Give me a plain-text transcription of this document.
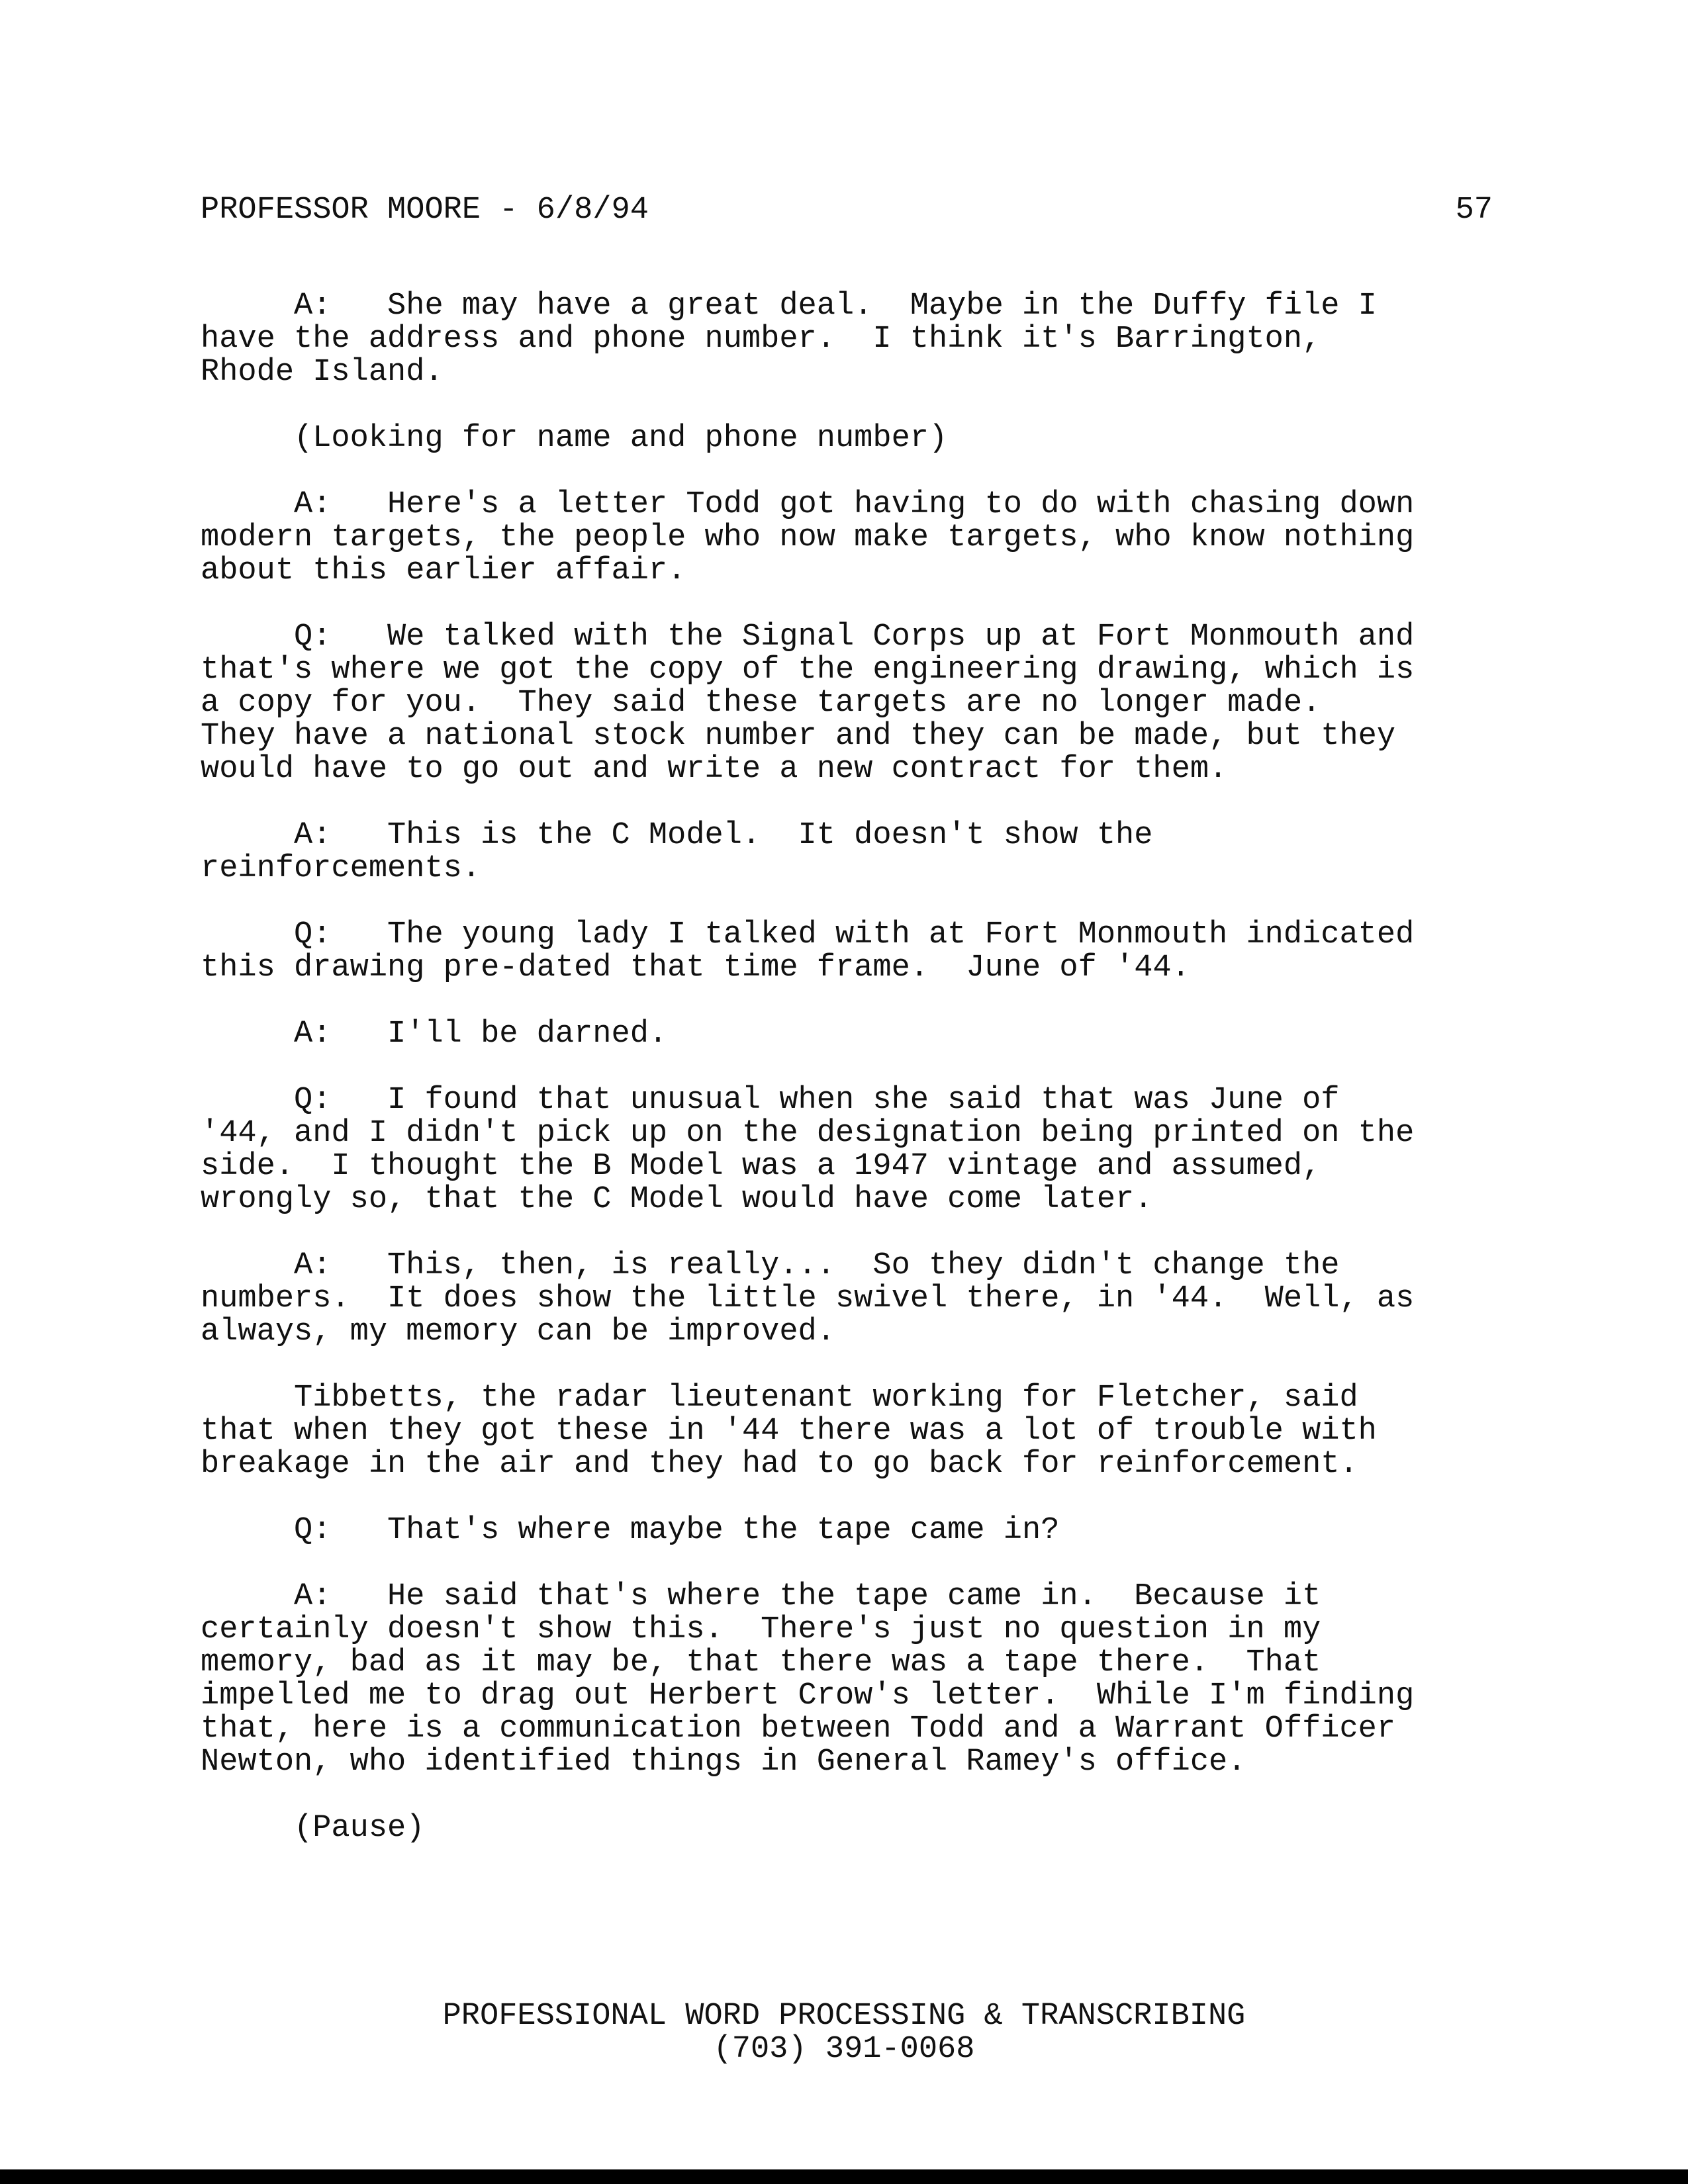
PROFESSOR MOORE - 6/8/94	57

A:   She may have a great deal.  Maybe in the Duffy file I
have the address and phone number.  I think it's Barrington,
Rhode Island.

(Looking for name and phone number)

A:   Here's a letter Todd got having to do with chasing down
modern targets, the people who now make targets, who know nothing
about this earlier affair.

Q:   We talked with the Signal Corps up at Fort Monmouth and
that's where we got the copy of the engineering drawing, which is
a copy for you.  They said these targets are no longer made.
They have a national stock number and they can be made, but they
would have to go out and write a new contract for them.

A:   This is the C Model.  It doesn't show the
reinforcements.

Q:   The young lady I talked with at Fort Monmouth indicated
this drawing pre-dated that time frame.  June of '44.

A:   I'll be darned.

Q:   I found that unusual when she said that was June of
'44, and I didn't pick up on the designation being printed on the
side.  I thought the B Model was a 1947 vintage and assumed,
wrongly so, that the C Model would have come later.

A:   This, then, is really...  So they didn't change the
numbers.  It does show the little swivel there, in '44.  Well, as
always, my memory can be improved.

Tibbetts, the radar lieutenant working for Fletcher, said
that when they got these in '44 there was a lot of trouble with
breakage in the air and they had to go back for reinforcement.

Q:   That's where maybe the tape came in?

A:   He said that's where the tape came in.  Because it
certainly doesn't show this.  There's just no question in my
memory, bad as it may be, that there was a tape there.  That
impelled me to drag out Herbert Crow's letter.  While I'm finding
that, here is a communication between Todd and a Warrant Officer
Newton, who identified things in General Ramey's office.

(Pause)

PROFESSIONAL WORD PROCESSING & TRANSCRIBING
(703) 391-0068
